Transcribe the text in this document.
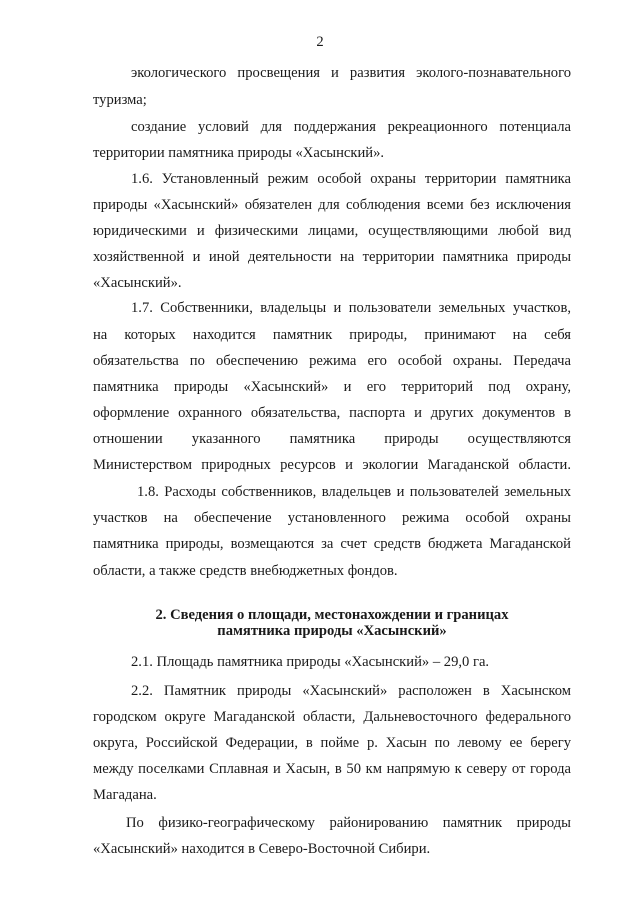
2
экологического просвещения и развития эколого-познавательного
туризма;
создание условий для поддержания рекреационного потенциала
территории памятника природы «Хасынский».
1.6. Установленный режим особой охраны территории памятника
природы «Хасынский» обязателен для соблюдения всеми без исключения
юридическими и физическими лицами, осуществляющими любой вид
хозяйственной и иной деятельности на территории памятника природы
«Хасынский».
1.7. Собственники, владельцы и пользователи земельных участков,
на которых находится памятник природы, принимают на себя
обязательства по обеспечению режима его особой охраны. Передача
памятника природы «Хасынский» и его территорий под охрану,
оформление охранного обязательства, паспорта и других документов в
отношении указанного памятника природы осуществляются
Министерством природных ресурсов и экологии Магаданской области.
1.8. Расходы собственников, владельцев и пользователей земельных
участков на обеспечение установленного режима особой охраны
памятника природы, возмещаются за счет средств бюджета Магаданской
области, а также средств внебюджетных фондов.
2. Сведения о площади, местонахождении и границах
памятника природы «Хасынский»
2.1. Площадь памятника природы «Хасынский» – 29,0 га.
2.2. Памятник природы «Хасынский» расположен в Хасынском
городском округе Магаданской области, Дальневосточного федерального
округа, Российской Федерации, в пойме р. Хасын по левому ее берегу
между поселками Сплавная и Хасын, в 50 км напрямую к северу от города
Магадана.
По физико-географическому районированию памятник природы
«Хасынский» находится в Северо-Восточной Сибири.
